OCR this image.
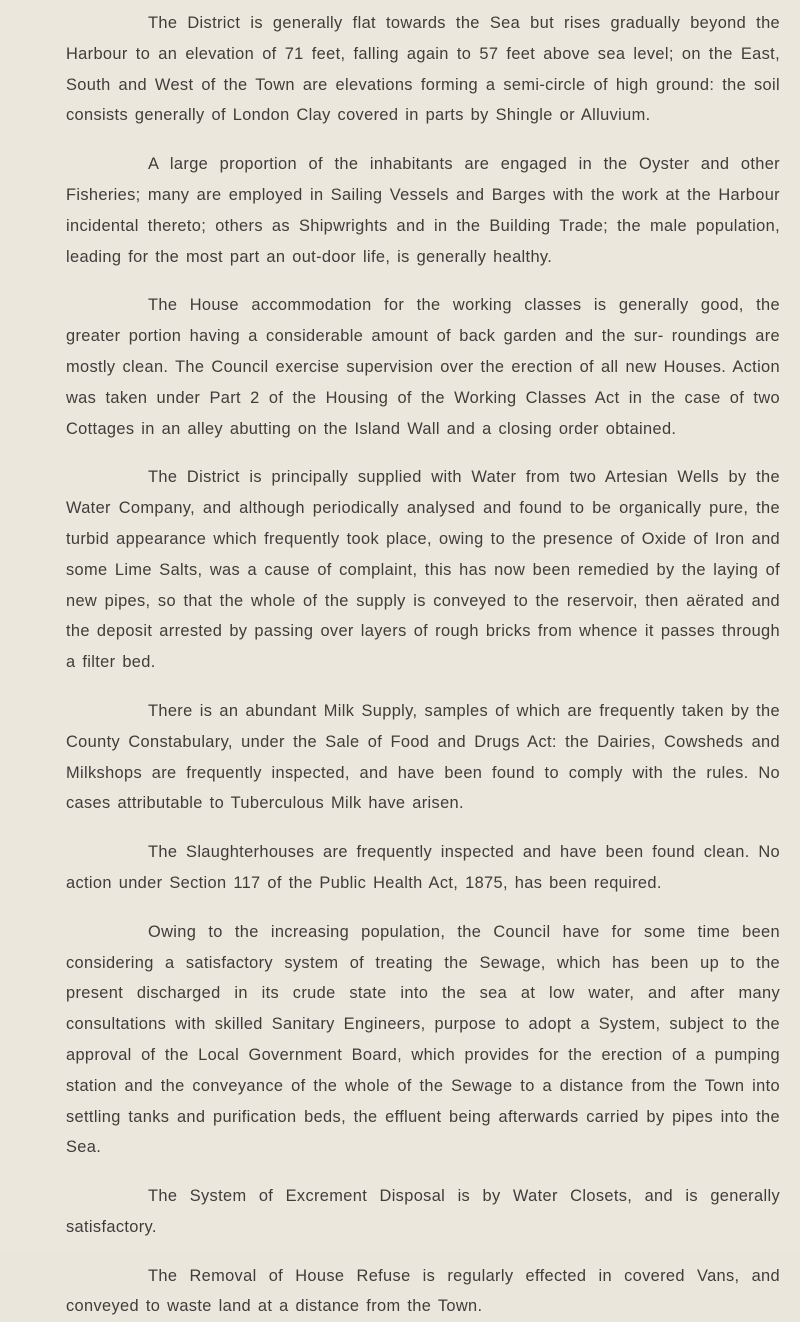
The District is generally flat towards the Sea but rises gradually beyond the Harbour to an elevation of 71 feet, falling again to 57 feet above sea level; on the East, South and West of the Town are elevations forming a semi-circle of high ground: the soil consists generally of London Clay covered in parts by Shingle or Alluvium.

A large proportion of the inhabitants are engaged in the Oyster and other Fisheries; many are employed in Sailing Vessels and Barges with the work at the Harbour incidental thereto; others as Shipwrights and in the Building Trade; the male population, leading for the most part an out-door life, is generally healthy.

The House accommodation for the working classes is generally good, the greater portion having a considerable amount of back garden and the sur- roundings are mostly clean. The Council exercise supervision over the erection of all new Houses. Action was taken under Part 2 of the Housing of the Working Classes Act in the case of two Cottages in an alley abutting on the Island Wall and a closing order obtained.

The District is principally supplied with Water from two Artesian Wells by the Water Company, and although periodically analysed and found to be organically pure, the turbid appearance which frequently took place, owing to the presence of Oxide of Iron and some Lime Salts, was a cause of complaint, this has now been remedied by the laying of new pipes, so that the whole of the supply is conveyed to the reservoir, then aërated and the deposit arrested by passing over layers of rough bricks from whence it passes through a filter bed.

There is an abundant Milk Supply, samples of which are frequently taken by the County Constabulary, under the Sale of Food and Drugs Act: the Dairies, Cowsheds and Milkshops are frequently inspected, and have been found to comply with the rules. No cases attributable to Tuberculous Milk have arisen.

The Slaughterhouses are frequently inspected and have been found clean. No action under Section 117 of the Public Health Act, 1875, has been required.

Owing to the increasing population, the Council have for some time been considering a satisfactory system of treating the Sewage, which has been up to the present discharged in its crude state into the sea at low water, and after many consultations with skilled Sanitary Engineers, purpose to adopt a System, subject to the approval of the Local Government Board, which provides for the erection of a pumping station and the conveyance of the whole of the Sewage to a distance from the Town into settling tanks and purification beds, the effluent being afterwards carried by pipes into the Sea.

The System of Excrement Disposal is by Water Closets, and is generally satisfactory.

The Removal of House Refuse is regularly effected in covered Vans, and conveyed to waste land at a distance from the Town.
